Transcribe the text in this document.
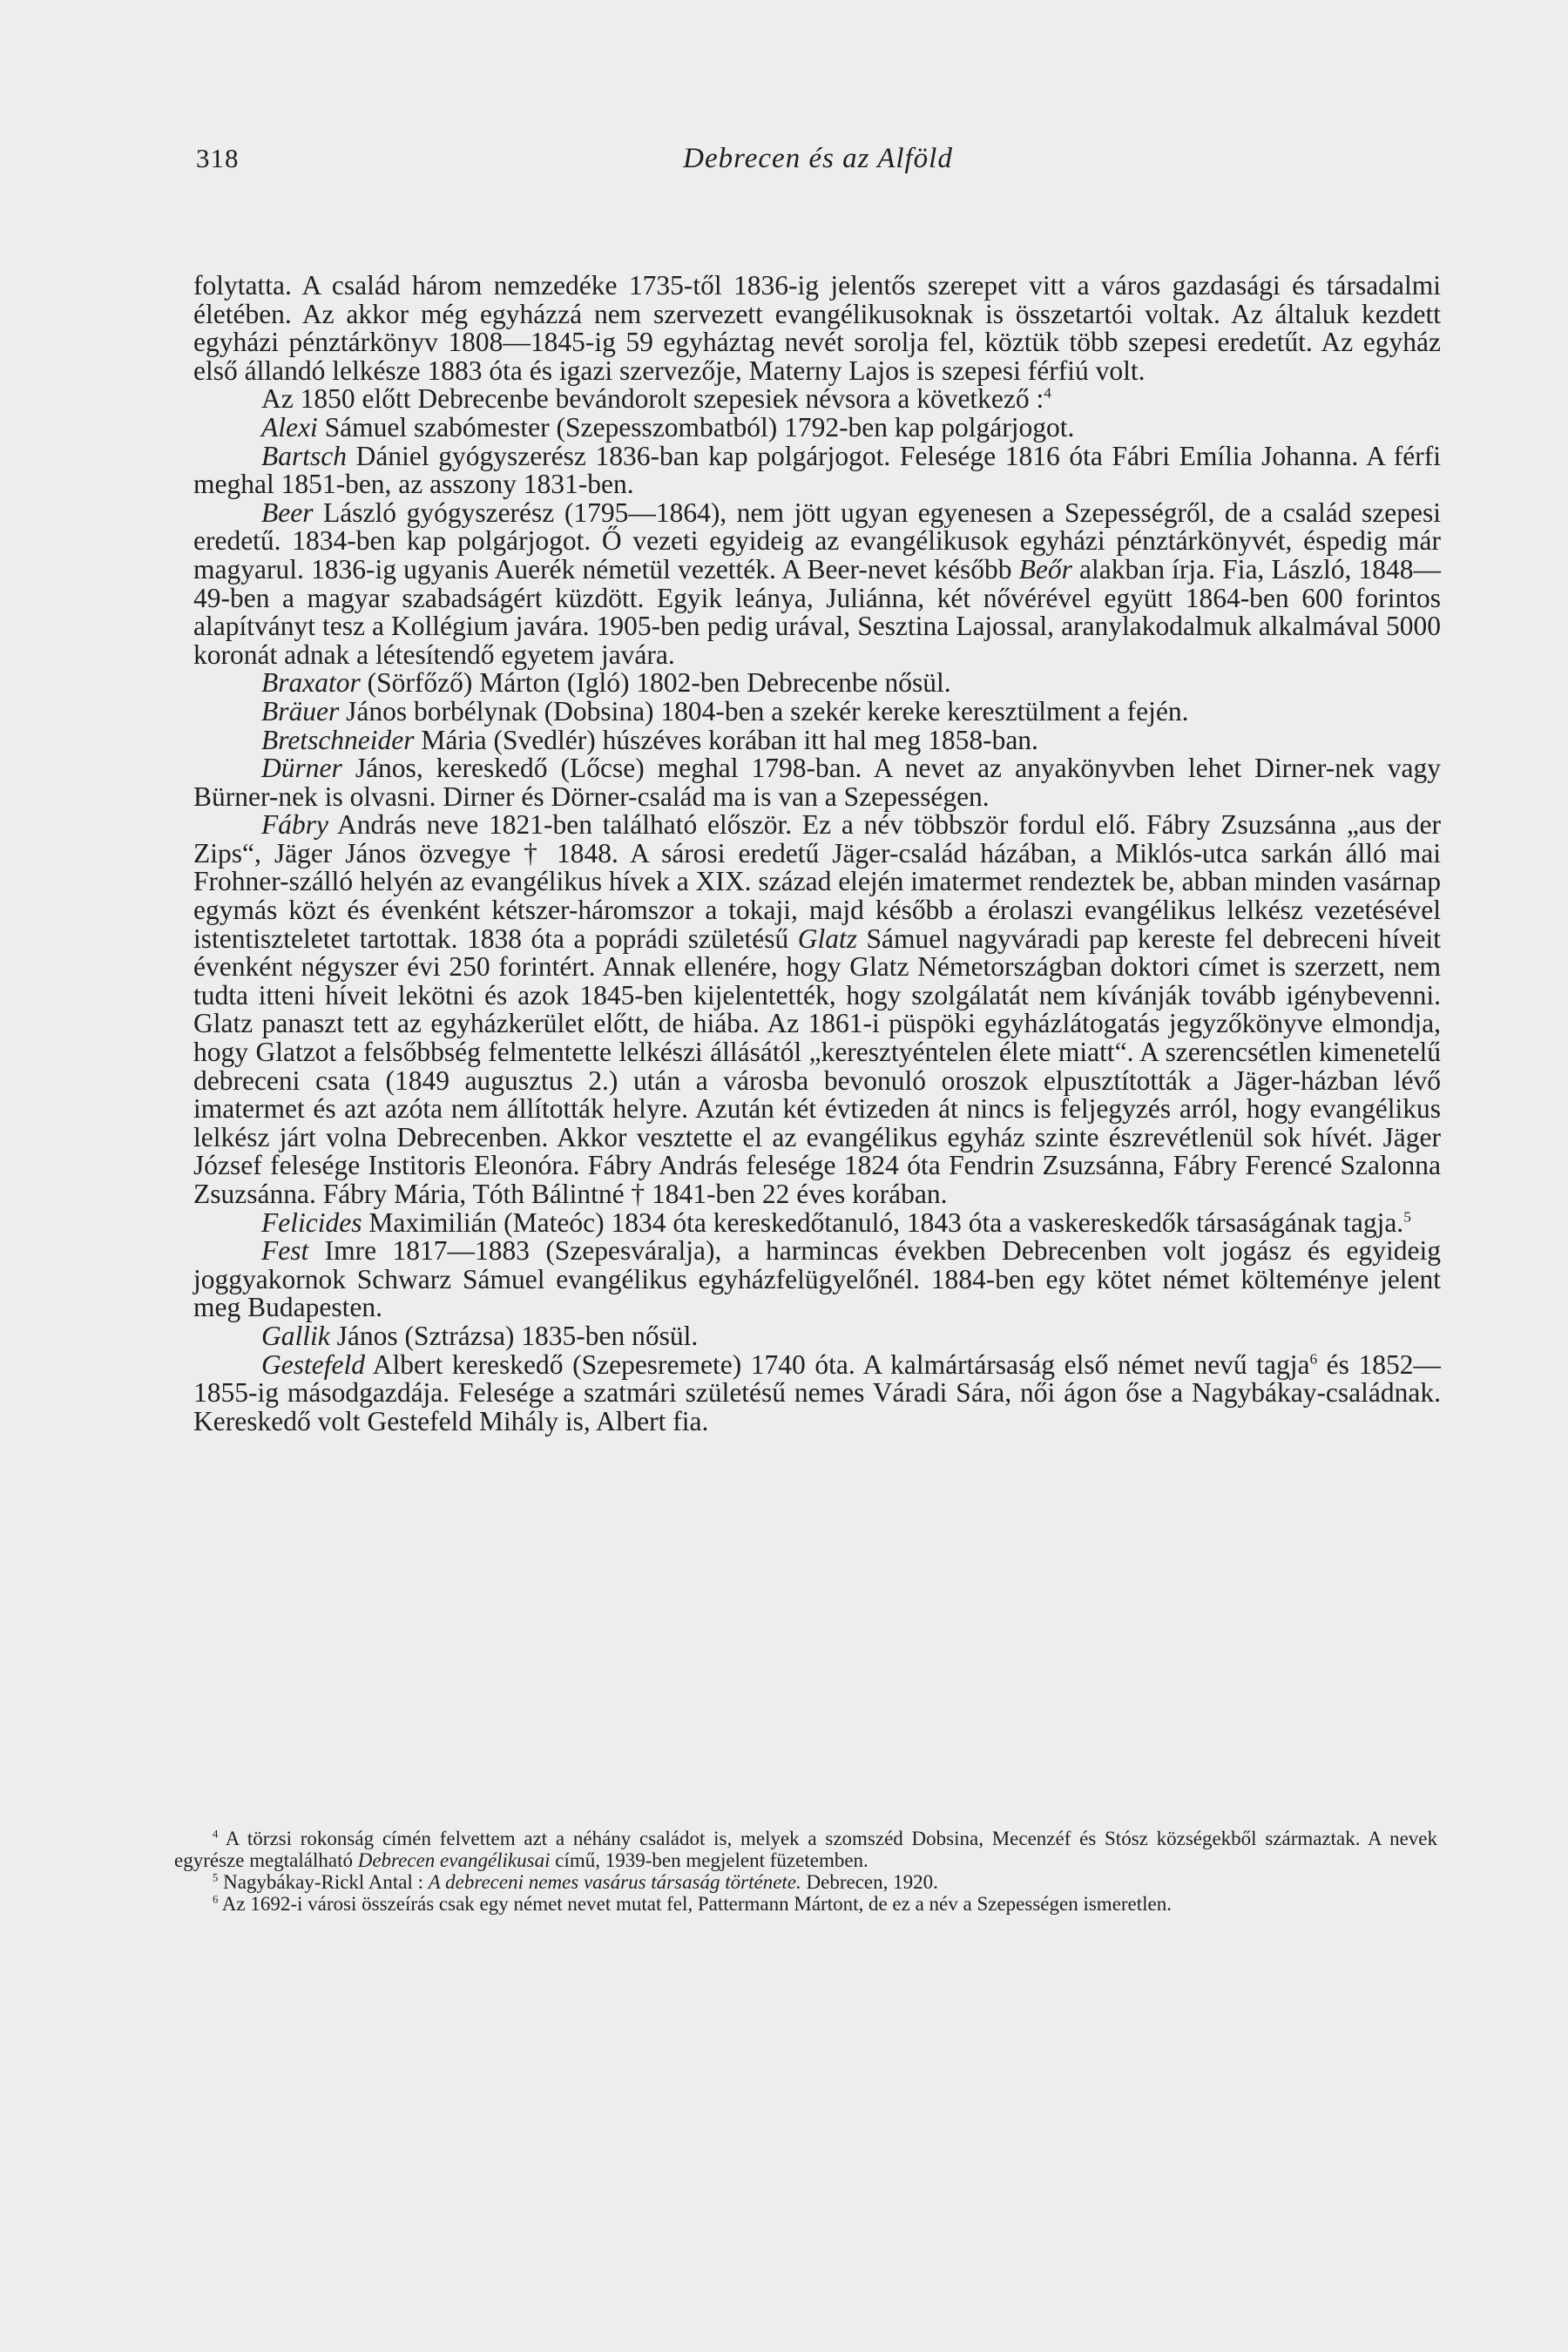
318	Debrecen és az Alföld

folytatta. A család három nemzedéke 1735-től 1836-ig jelentős szerepet vitt a város gazdasági és társadalmi életében. Az akkor még egyházzá nem szervezett evangélikusoknak is összetartói voltak. Az általuk kezdett egyházi pénztárkönyv 1808—1845-ig 59 egyháztag nevét sorolja fel, köztük több szepesi eredetűt. Az egyház első állandó lelkésze 1883 óta és igazi szervezője, Materny Lajos is szepesi férfiú volt.

Az 1850 előtt Debrecenbe bevándorolt szepesiek névsora a következő :$^4$

Alexi Sámuel szabómester (Szepesszombatból) 1792-ben kap polgárjogot.

Bartsch Dániel gyógyszerész 1836-ban kap polgárjogot. Felesége 1816 óta Fábri Emília Johanna. A férfi meghal 1851-ben, az asszony 1831-ben.

Beer László gyógyszerész (1795—1864), nem jött ugyan egyenesen a Szepességről, de a család szepesi eredetű. 1834-ben kap polgárjogot. Ő vezeti egyideig az evangélikusok egyházi pénztárkönyvét, éspedig már magyarul. 1836-ig ugyanis Auerék németül vezették. A Beer-nevet később Beőr alakban írja. Fia, László, 1848—49-ben a magyar szabadságért küzdött. Egyik leánya, Juliánna, két nővérével együtt 1864-ben 600 forintos alapítványt tesz a Kollégium javára. 1905-ben pedig urával, Sesztina Lajossal, aranylakodalmuk alkalmával 5000 koronát adnak a létesítendő egyetem javára.

Braxator (Sörfőző) Márton (Igló) 1802-ben Debrecenbe nősül.

Bräuer János borbélynak (Dobsina) 1804-ben a szekér kereke keresztülment a fején.

Bretschneider Mária (Svedlér) húszéves korában itt hal meg 1858-ban.

Dürner János, kereskedő (Lőcse) meghal 1798-ban. A nevet az anyakönyvben lehet Dirner-nek vagy Bürner-nek is olvasni. Dirner és Dörner-család ma is van a Szepességen.

Fábry András neve 1821-ben található először. Ez a név többször fordul elő. Fábry Zsuzsánna „aus der Zips“, Jäger János özvegye † 1848. A sárosi eredetű Jäger-család házában, a Miklós-utca sarkán álló mai Frohner-szálló helyén az evangélikus hívek a XIX. század elején imatermet rendeztek be, abban minden vasárnap egymás közt és évenként kétszer-háromszor a tokaji, majd később a érolaszi evangélikus lelkész vezetésével istentiszteletet tartottak. 1838 óta a poprádi születésű Glatz Sámuel nagyváradi pap kereste fel debreceni híveit évenként négyszer évi 250 forintért. Annak ellenére, hogy Glatz Németországban doktori címet is szerzett, nem tudta itteni híveit lekötni és azok 1845-ben kijelentették, hogy szolgálatát nem kívánják tovább igénybevenni. Glatz panaszt tett az egyházkerület előtt, de hiába. Az 1861-i püspöki egyházlátogatás jegyzőkönyve elmondja, hogy Glatzot a felsőbbség felmentette lelkészi állásától „keresztyéntelen élete miatt“. A szerencsétlen kimenetelű debreceni csata (1849 augusztus 2.) után a városba bevonuló oroszok elpusztították a Jäger-házban lévő imatermet és azt azóta nem állították helyre. Azután két évtizeden át nincs is feljegyzés arról, hogy evangélikus lelkész járt volna Debrecenben. Akkor vesztette el az evangélikus egyház szinte észrevétlenül sok hívét. Jäger József felesége Institoris Eleonóra. Fábry András felesége 1824 óta Fendrin Zsuzsánna, Fábry Ferencé Szalonna Zsuzsánna. Fábry Mária, Tóth Bálintné † 1841-ben 22 éves korában.

Felicides Maximilián (Mateóc) 1834 óta kereskedőtanuló, 1843 óta a vaskereskedők társaságának tagja.$^5$

Fest Imre 1817—1883 (Szepesváralja), a harmincas években Debrecenben volt jogász és egyideig joggyakornok Schwarz Sámuel evangélikus egyházfelügyelőnél. 1884-ben egy kötet német költeménye jelent meg Budapesten.

Gallik János (Sztrázsa) 1835-ben nősül.

Gestefeld Albert kereskedő (Szepesremete) 1740 óta. A kalmártársaság első német nevű tagja$^6$ és 1852—1855-ig másodgazdája. Felesége a szatmári születésű nemes Váradi Sára, női ágon őse a Nagybákay-családnak. Kereskedő volt Gestefeld Mihály is, Albert fia.

$^4$ A törzsi rokonság címén felvettem azt a néhány családot is, melyek a szomszéd Dobsina, Mecenzéf és Stósz községekből származtak. A nevek egyrésze megtalálható Debrecen evangélikusai című, 1939-ben megjelent füzetemben.

$^5$ Nagybákay-Rickl Antal : A debreceni nemes vasárus társaság története. Debrecen, 1920.

$^6$ Az 1692-i városi összeírás csak egy német nevet mutat fel, Pattermann Mártont, de ez a név a Szepességen ismeretlen.
